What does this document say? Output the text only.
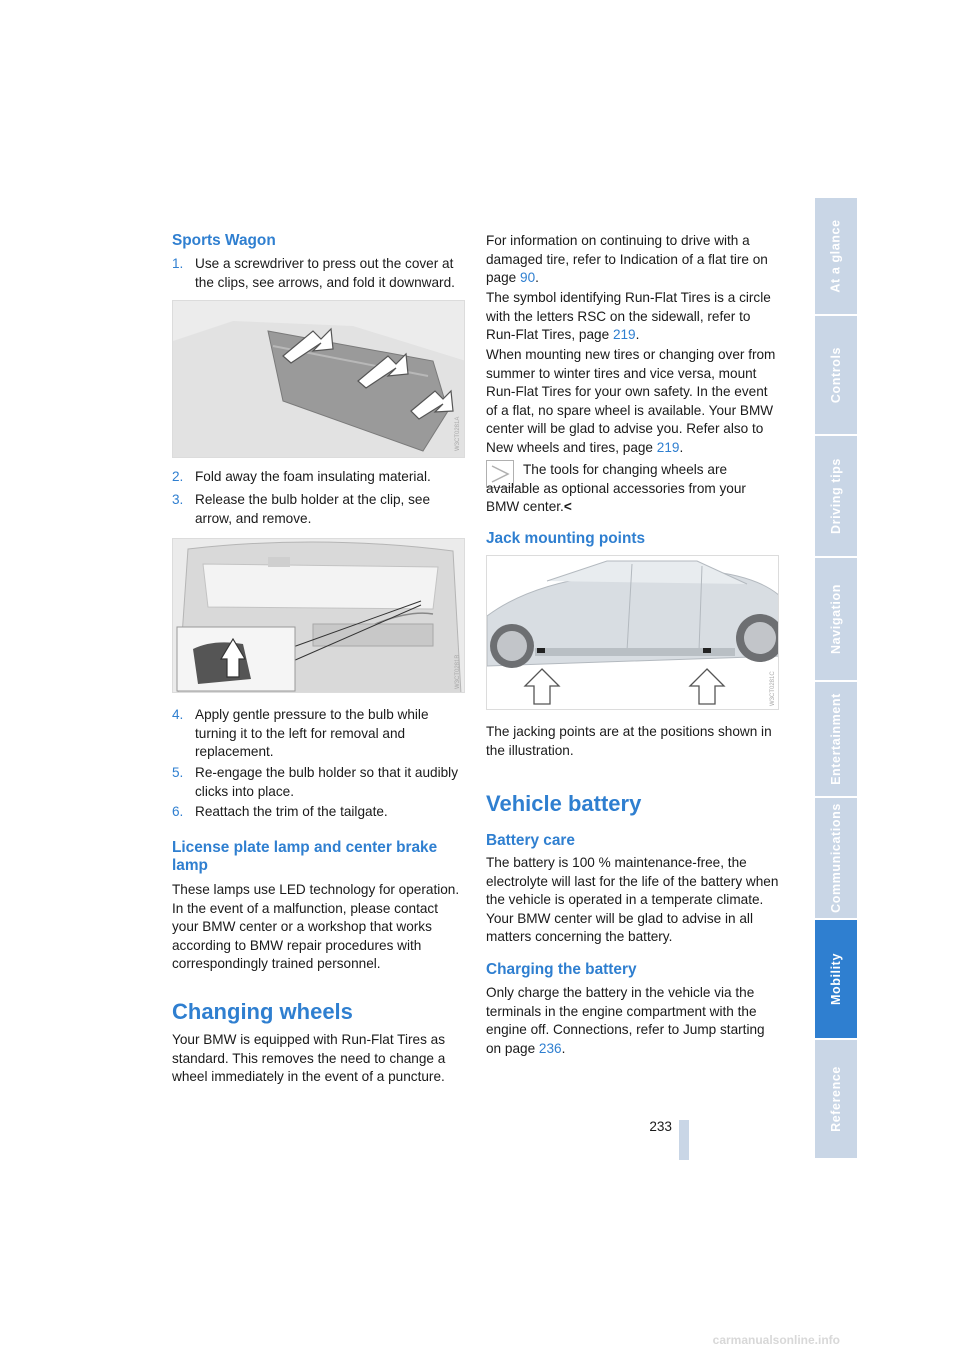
Sports Wagon
1. Use a screwdriver to press out the cover at the clips, see arrows, and fold it downward.
W3CT0281A
2. Fold away the foam insulating material.
3. Release the bulb holder at the clip, see arrow, and remove.
W3CT0281B
4. Apply gentle pressure to the bulb while turning it to the left for removal and replacement.
5. Re-engage the bulb holder so that it audibly clicks into place.
6. Reattach the trim of the tailgate.
License plate lamp and center brake lamp
These lamps use LED technology for operation. In the event of a malfunction, please contact your BMW center or a workshop that works according to BMW repair procedures with correspondingly trained personnel.
Changing wheels
Your BMW is equipped with Run-Flat Tires as standard. This removes the need to change a wheel immediately in the event of a puncture.
For information on continuing to drive with a damaged tire, refer to Indication of a flat tire on page 90.
The symbol identifying Run-Flat Tires is a circle with the letters RSC on the sidewall, refer to Run-Flat Tires, page 219.
When mounting new tires or changing over from summer to winter tires and vice versa, mount Run-Flat Tires for your own safety. In the event of a flat, no spare wheel is available. Your BMW center will be glad to advise you. Refer also to New wheels and tires, page 219.
The tools for changing wheels are available as optional accessories from your BMW center.<
Jack mounting points
W3CT0281C
The jacking points are at the positions shown in the illustration.
Vehicle battery
Battery care
The battery is 100 % maintenance-free, the electrolyte will last for the life of the battery when the vehicle is operated in a temperate climate. Your BMW center will be glad to advise in all matters concerning the battery.
Charging the battery
Only charge the battery in the vehicle via the terminals in the engine compartment with the engine off. Connections, refer to Jump starting on page 236.
At a glance
Controls
Driving tips
Navigation
Entertainment
Communications
Mobility
Reference
233
carmanualsonline.info
